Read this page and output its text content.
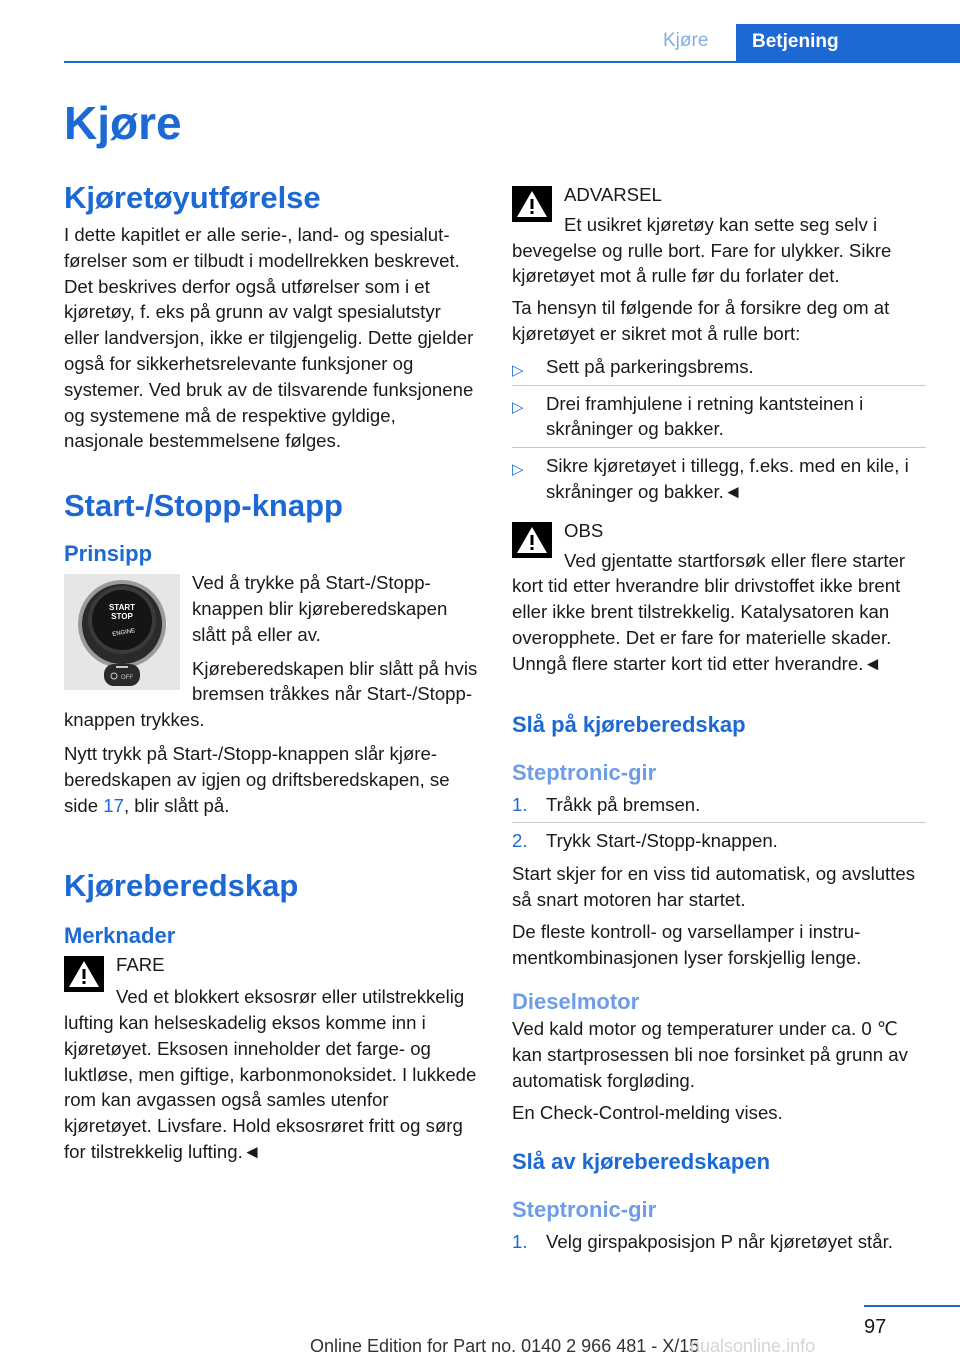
Kjøre	Betjening
Kjøre
Kjøretøyutførelse

I dette kapitlet er alle serie-, land- og spesialutførelser som er tilbudt i modellrekken beskrevet. Det beskrives derfor også utførelser som i et kjøretøy, f. eks på grunn av valgt spesialutstyr eller landversjon, ikke er tilgjengelig. Dette gjelder også for sikkerhetsrelevante funksjoner og systemer. Ved bruk av de tilsvarende funksjonene og systemene må de respektive gyldige, nasjonale bestemmelsene følges.

Start-/Stopp-knapp
Prinsipp
START
STOP
ENGINE
OFF

Ved å trykke på Start-/Stopp-knappen blir kjøreberedskapen slått på eller av.

Kjøreberedskapen blir slått på hvis bremsen tråkkes når Start-/Stopp-knappen trykkes.

Nytt trykk på Start-/Stopp-knappen slår kjøreberedskapen av igjen og driftsberedskapen, se side 17, blir slått på.

Kjøreberedskap
Merknader
FARE

Ved et blokkert eksosrør eller utilstrekkelig lufting kan helseskadelig eksos komme inn i kjøretøyet. Eksosen inneholder det farge- og luktløse, men giftige, karbonmonoksidet. I lukkede rom kan avgassen også samles utenfor kjøretøyet. Livsfare. Hold eksosrøret fritt og sørg for tilstrekkelig lufting.◄

ADVARSEL

Et usikret kjøretøy kan sette seg selv i bevegelse og rulle bort. Fare for ulykker. Sikre kjøretøyet mot å rulle før du forlater det.

Ta hensyn til følgende for å forsikre deg om at kjøretøyet er sikret mot å rulle bort:

▷ Sett på parkeringsbrems.
▷ Drei framhjulene i retning kantsteinen i skråninger og bakker.
▷ Sikre kjøretøyet i tillegg, f.eks. med en kile, i skråninger og bakker.◄
OBS

Ved gjentatte startforsøk eller flere starter kort tid etter hverandre blir drivstoffet ikke brent eller ikke brent tilstrekkelig. Katalysatoren kan overopphete. Det er fare for materielle skader. Unngå flere starter kort tid etter hverandre.◄

Slå på kjøreberedskap
Steptronic-gir
1. Tråkk på bremsen.
2. Trykk Start-/Stopp-knappen.

Start skjer for en viss tid automatisk, og avsluttes så snart motoren har startet.

De fleste kontroll- og varsellamper i instrumentkombinasjonen lyser forskjellig lenge.

Dieselmotor

Ved kald motor og temperaturer under ca. 0 ℃ kan startprosessen bli noe forsinket på grunn av automatisk forgløding.

En Check-Control-melding vises.

Slå av kjøreberedskapen
Steptronic-gir
1. Velg girspakposisjon P når kjøretøyet står.
97
Online Edition for Part no. 0140 2 966 481 - X/15
nualsonline.info
